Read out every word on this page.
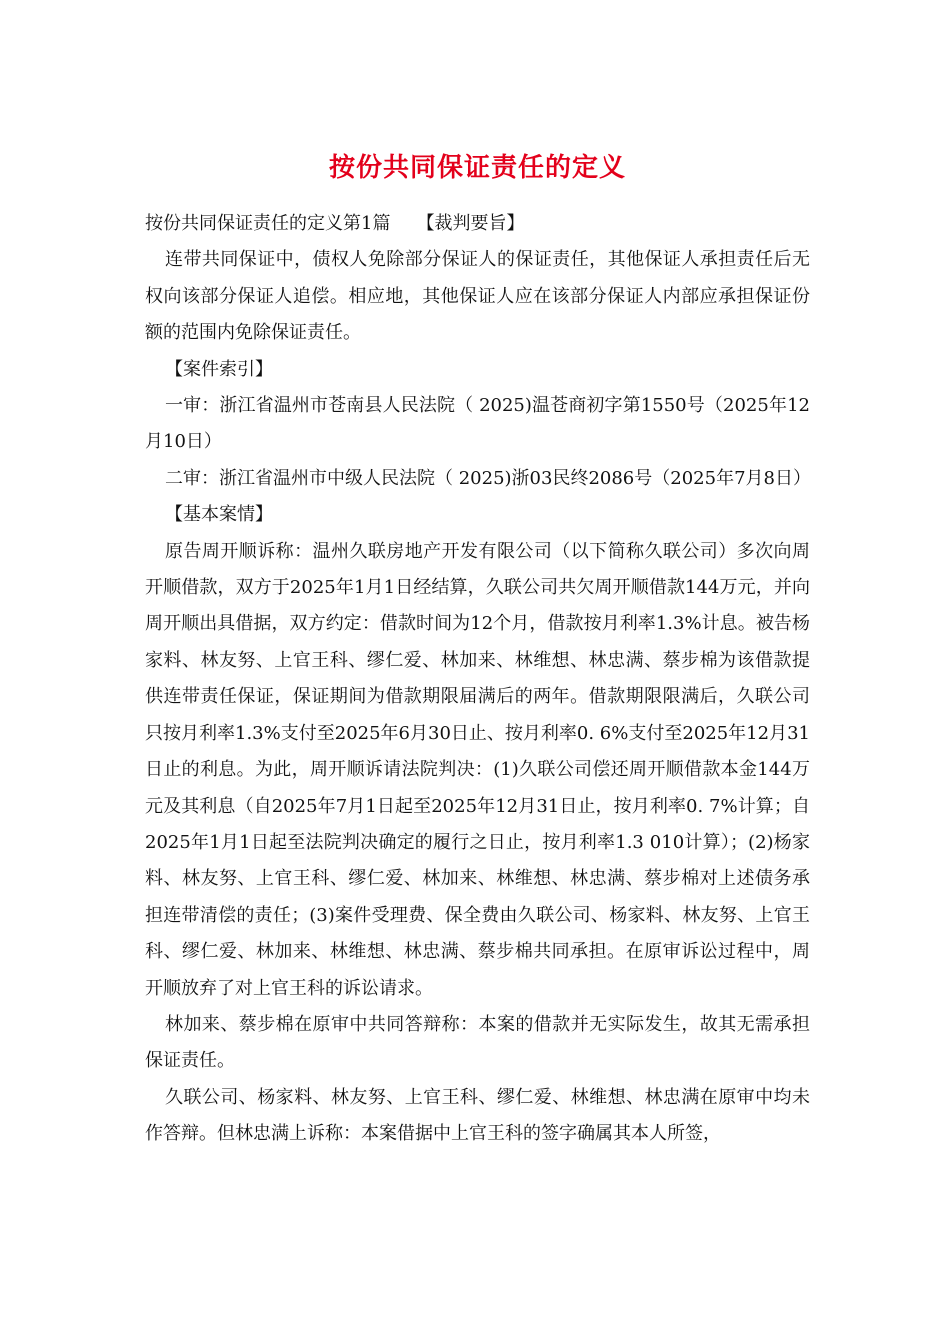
按份共同保证责任的定义

按份共同保证责任的定义第1篇 【裁判要旨】

连带共同保证中，债权人免除部分保证人的保证责任，其他保证人承担责任后无权向该部分保证人追偿。相应地，其他保证人应在该部分保证人内部应承担保证份额的范围内免除保证责任。

【案件索引】

一审：浙江省温州市苍南县人民法院（ 2025)温苍商初字第1550号（2025年12月10日）

二审：浙江省温州市中级人民法院（ 2025)浙03民终2086号（2025年7月8日）

【基本案情】

原告周开顺诉称：温州久联房地产开发有限公司（以下简称久联公司）多次向周开顺借款，双方于2025年1月1日经结算，久联公司共欠周开顺借款144万元，并向周开顺出具借据，双方约定：借款时间为12个月，借款按月利率1.3%计息。被告杨家料、林友努、上官王科、缪仁爱、林加来、林维想、林忠满、蔡步棉为该借款提供连带责任保证，保证期间为借款期限届满后的两年。借款期限限满后，久联公司只按月利率1.3%支付至2025年6月30日止、按月利率0. 6%支付至2025年12月31日止的利息。为此，周开顺诉请法院判决：(1)久联公司偿还周开顺借款本金144万元及其利息（自2025年7月1日起至2025年12月31日止，按月利率0. 7%计算；自2025年1月1日起至法院判决确定的履行之日止，按月利率1.3 010计算）；(2)杨家料、林友努、上官王科、缪仁爱、林加来、林维想、林忠满、蔡步棉对上述债务承担连带清偿的责任；(3)案件受理费、保全费由久联公司、杨家料、林友努、上官王科、缪仁爱、林加来、林维想、林忠满、蔡步棉共同承担。在原审诉讼过程中，周开顺放弃了对上官王科的诉讼请求。

林加来、蔡步棉在原审中共同答辩称：本案的借款并无实际发生，故其无需承担保证责任。

久联公司、杨家料、林友努、上官王科、缪仁爱、林维想、林忠满在原审中均未作答辩。但林忠满上诉称：本案借据中上官王科的签字确属其本人所签，
